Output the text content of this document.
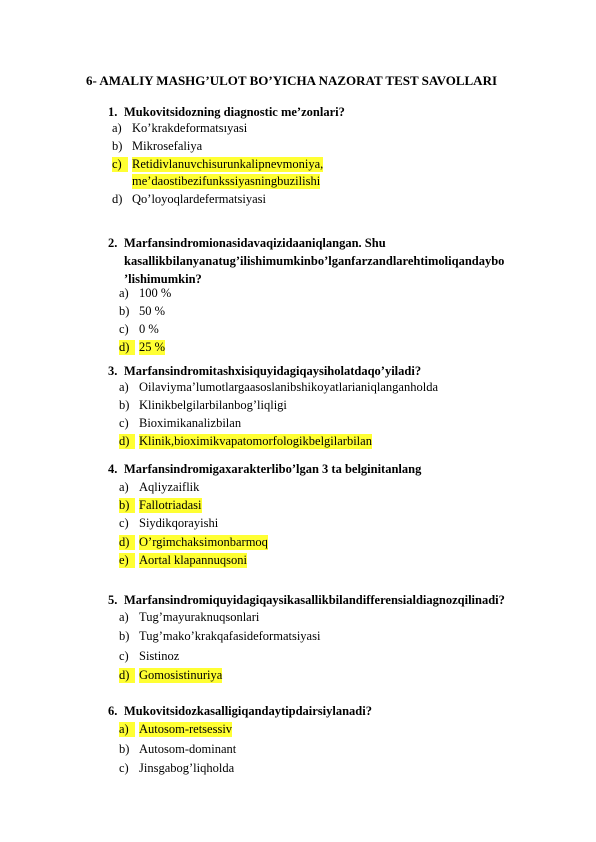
6- AMALIY MASHG’ULOT BO’YICHA NAZORAT TEST SAVOLLARI
1. Mukovitsidozning diagnostic me’zonlari?
a) Ko’krakdeformatsıyasi
b) Mikrosefaliya
c) Retidivlanuvchisurunkalipnevmoniya,
me’daostibezifunkssiyasningbuzilishi
d) Qo’loyoqlardefermatsiyasi
2. Marfansindromionasidavaqizidaaniqlangan. Shu
kasallikbilanyanatug’ilishimumkinbo’lganfarzandlarehtimoliqandaybo
’lishimumkin?
a) 100 %
b) 50 %
c) 0 %
d) 25 %
3. Marfansindromitashxisiquyidagiqaysiholatdaqo’yiladi?
a) Oilaviyma’lumotlargaasoslanibshikoyatlarianiqlanganholda
b) Klinikbelgilarbilanbog’liqligi
c) Bioximikanalizbilan
d) Klinik,bioximikvapatomorfologikbelgilarbilan
4. Marfansindromigaxarakterlibo’lgan 3 ta belginitanlang
a) Aqliyzaiflik
b) Fallotriadasi
c) Siydikqorayishi
d) O’rgimchaksimonbarmoq
e) Aortal klapannuqsoni
5. Marfansindromiquyidagiqaysikasallikbilandifferensialdiagnozqilinadi?
a) Tug’mayuraknuqsonlari
b) Tug’mako’krakqafasideformatsiyasi
c) Sistinoz
d) Gomosistinuriya
6. Mukovitsidozkasalligiqandaytipdairsiylanadi?
a) Autosom-retsessiv
b) Autosom-dominant
c) Jinsgabog’liqholda
